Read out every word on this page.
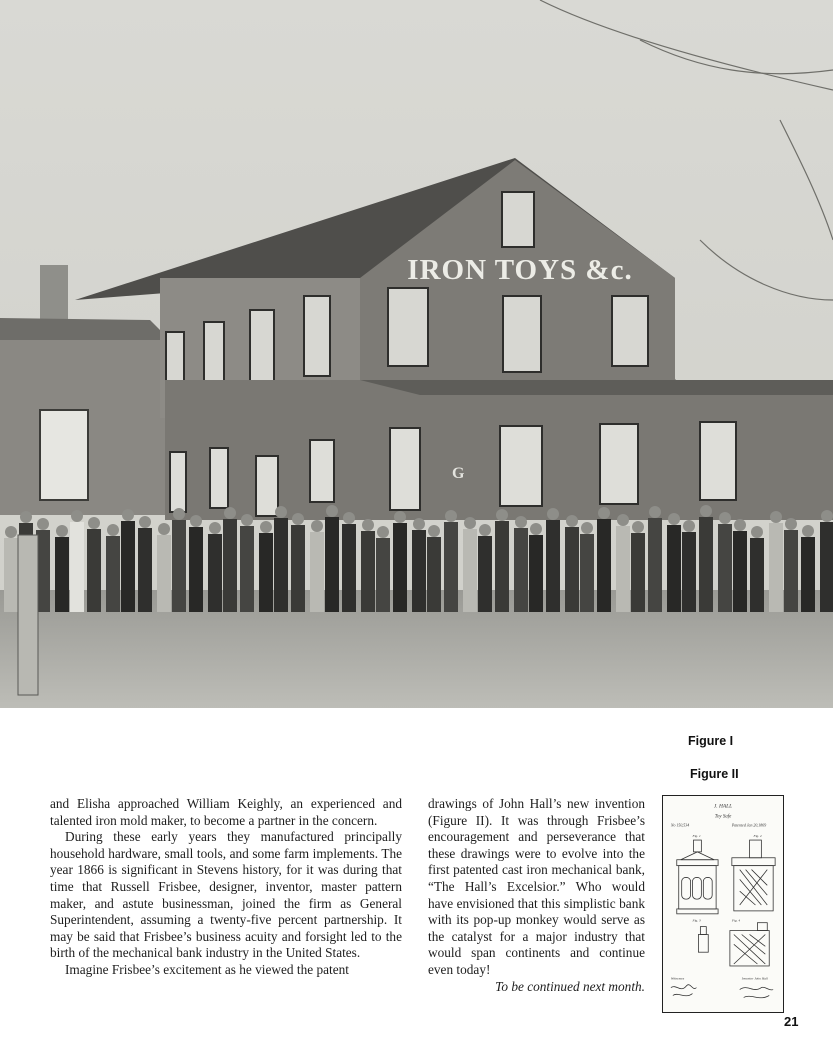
IRON TOYS &c.
G
Figure I
Figure II

and Elisha approached William Keighly, an experienced and talented iron mold maker, to become a partner in the concern.

During these early years they manufactured principally household hardware, small tools, and some farm implements. The year 1866 is significant in Stevens history, for it was during that time that Russell Frisbee, designer, inventor, master pattern maker, and astute businessman, joined the firm as General Superintendent, assuming a twenty-five percent partnership. It may be said that Frisbee’s business acuity and forsight led to the birth of the mechanical bank industry in the United States.

Imagine Frisbee’s excitement as he viewed the patent

drawings of John Hall’s new invention (Figure II). It was through Frisbee’s encouragement and perseverance that these drawings were to evolve into the first patented cast iron mechanical bank, “The Hall’s Excelsior.” Who would have envisioned that this simplistic bank with its pop-up monkey would serve as the catalyst for a major industry that would span continents and continue even today!

To be continued next month.

J. HALL
Toy Safe
No 150,534	Patented Jan 20,1869
Fig. 1	Fig. 2
Fig. 3	Fig. 4
Witnesses	Inventor John Hall
21
